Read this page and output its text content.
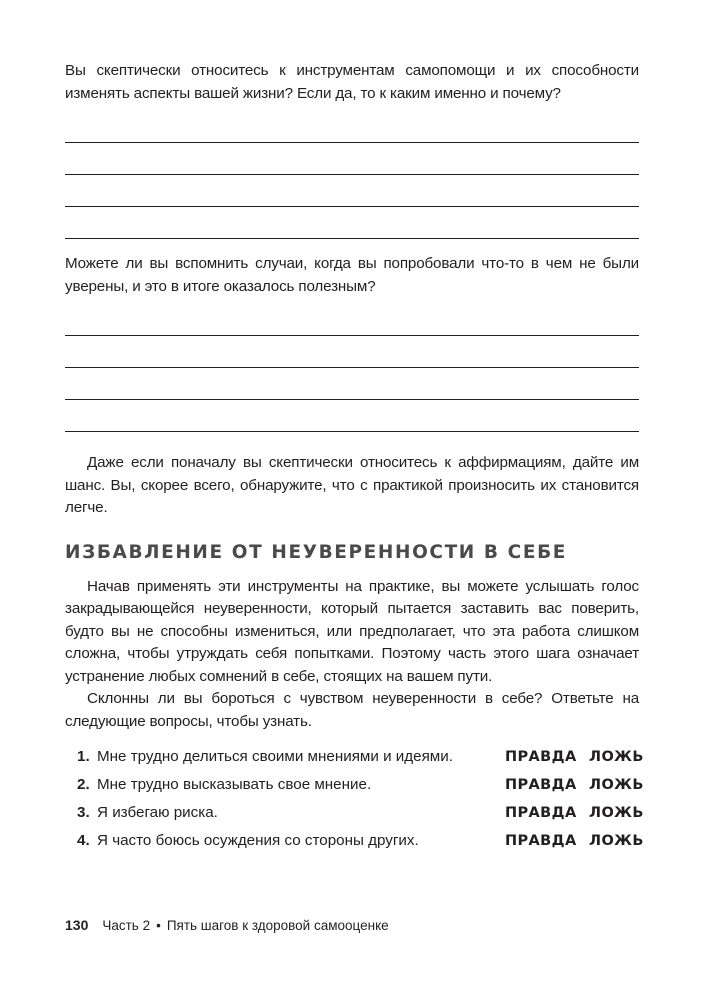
Вы скептически относитесь к инструментам самопомощи и их способности изменять аспекты вашей жизни? Если да, то к каким именно и почему?

Можете ли вы вспомнить случаи, когда вы попробовали что-то в чем не были уверены, и это в итоге оказалось полезным?

Даже если поначалу вы скептически относитесь к аффирмациям, дайте им шанс. Вы, скорее всего, обнаружите, что с практикой произносить их становится легче.

ИЗБАВЛЕНИЕ ОТ НЕУВЕРЕННОСТИ В СЕБЕ

Начав применять эти инструменты на практике, вы можете услышать голос закрадывающейся неуверенности, который пытается заставить вас поверить, будто вы не способны измениться, или предполагает, что эта работа слишком сложна, чтобы утруждать себя попытками. Поэтому часть этого шага означает устранение любых сомнений в себе, стоящих на вашем пути.

Склонны ли вы бороться с чувством неуверенности в себе? Ответьте на следующие вопросы, чтобы узнать.

1. Мне трудно делиться своими мнениями и идеями.	ПРАВДА ЛОЖЬ
2. Мне трудно высказывать свое мнение.	ПРАВДА ЛОЖЬ
3. Я избегаю риска.	ПРАВДА ЛОЖЬ
4. Я часто боюсь осуждения со стороны других.	ПРАВДА ЛОЖЬ
130 Часть 2 • Пять шагов к здоровой самооценке
